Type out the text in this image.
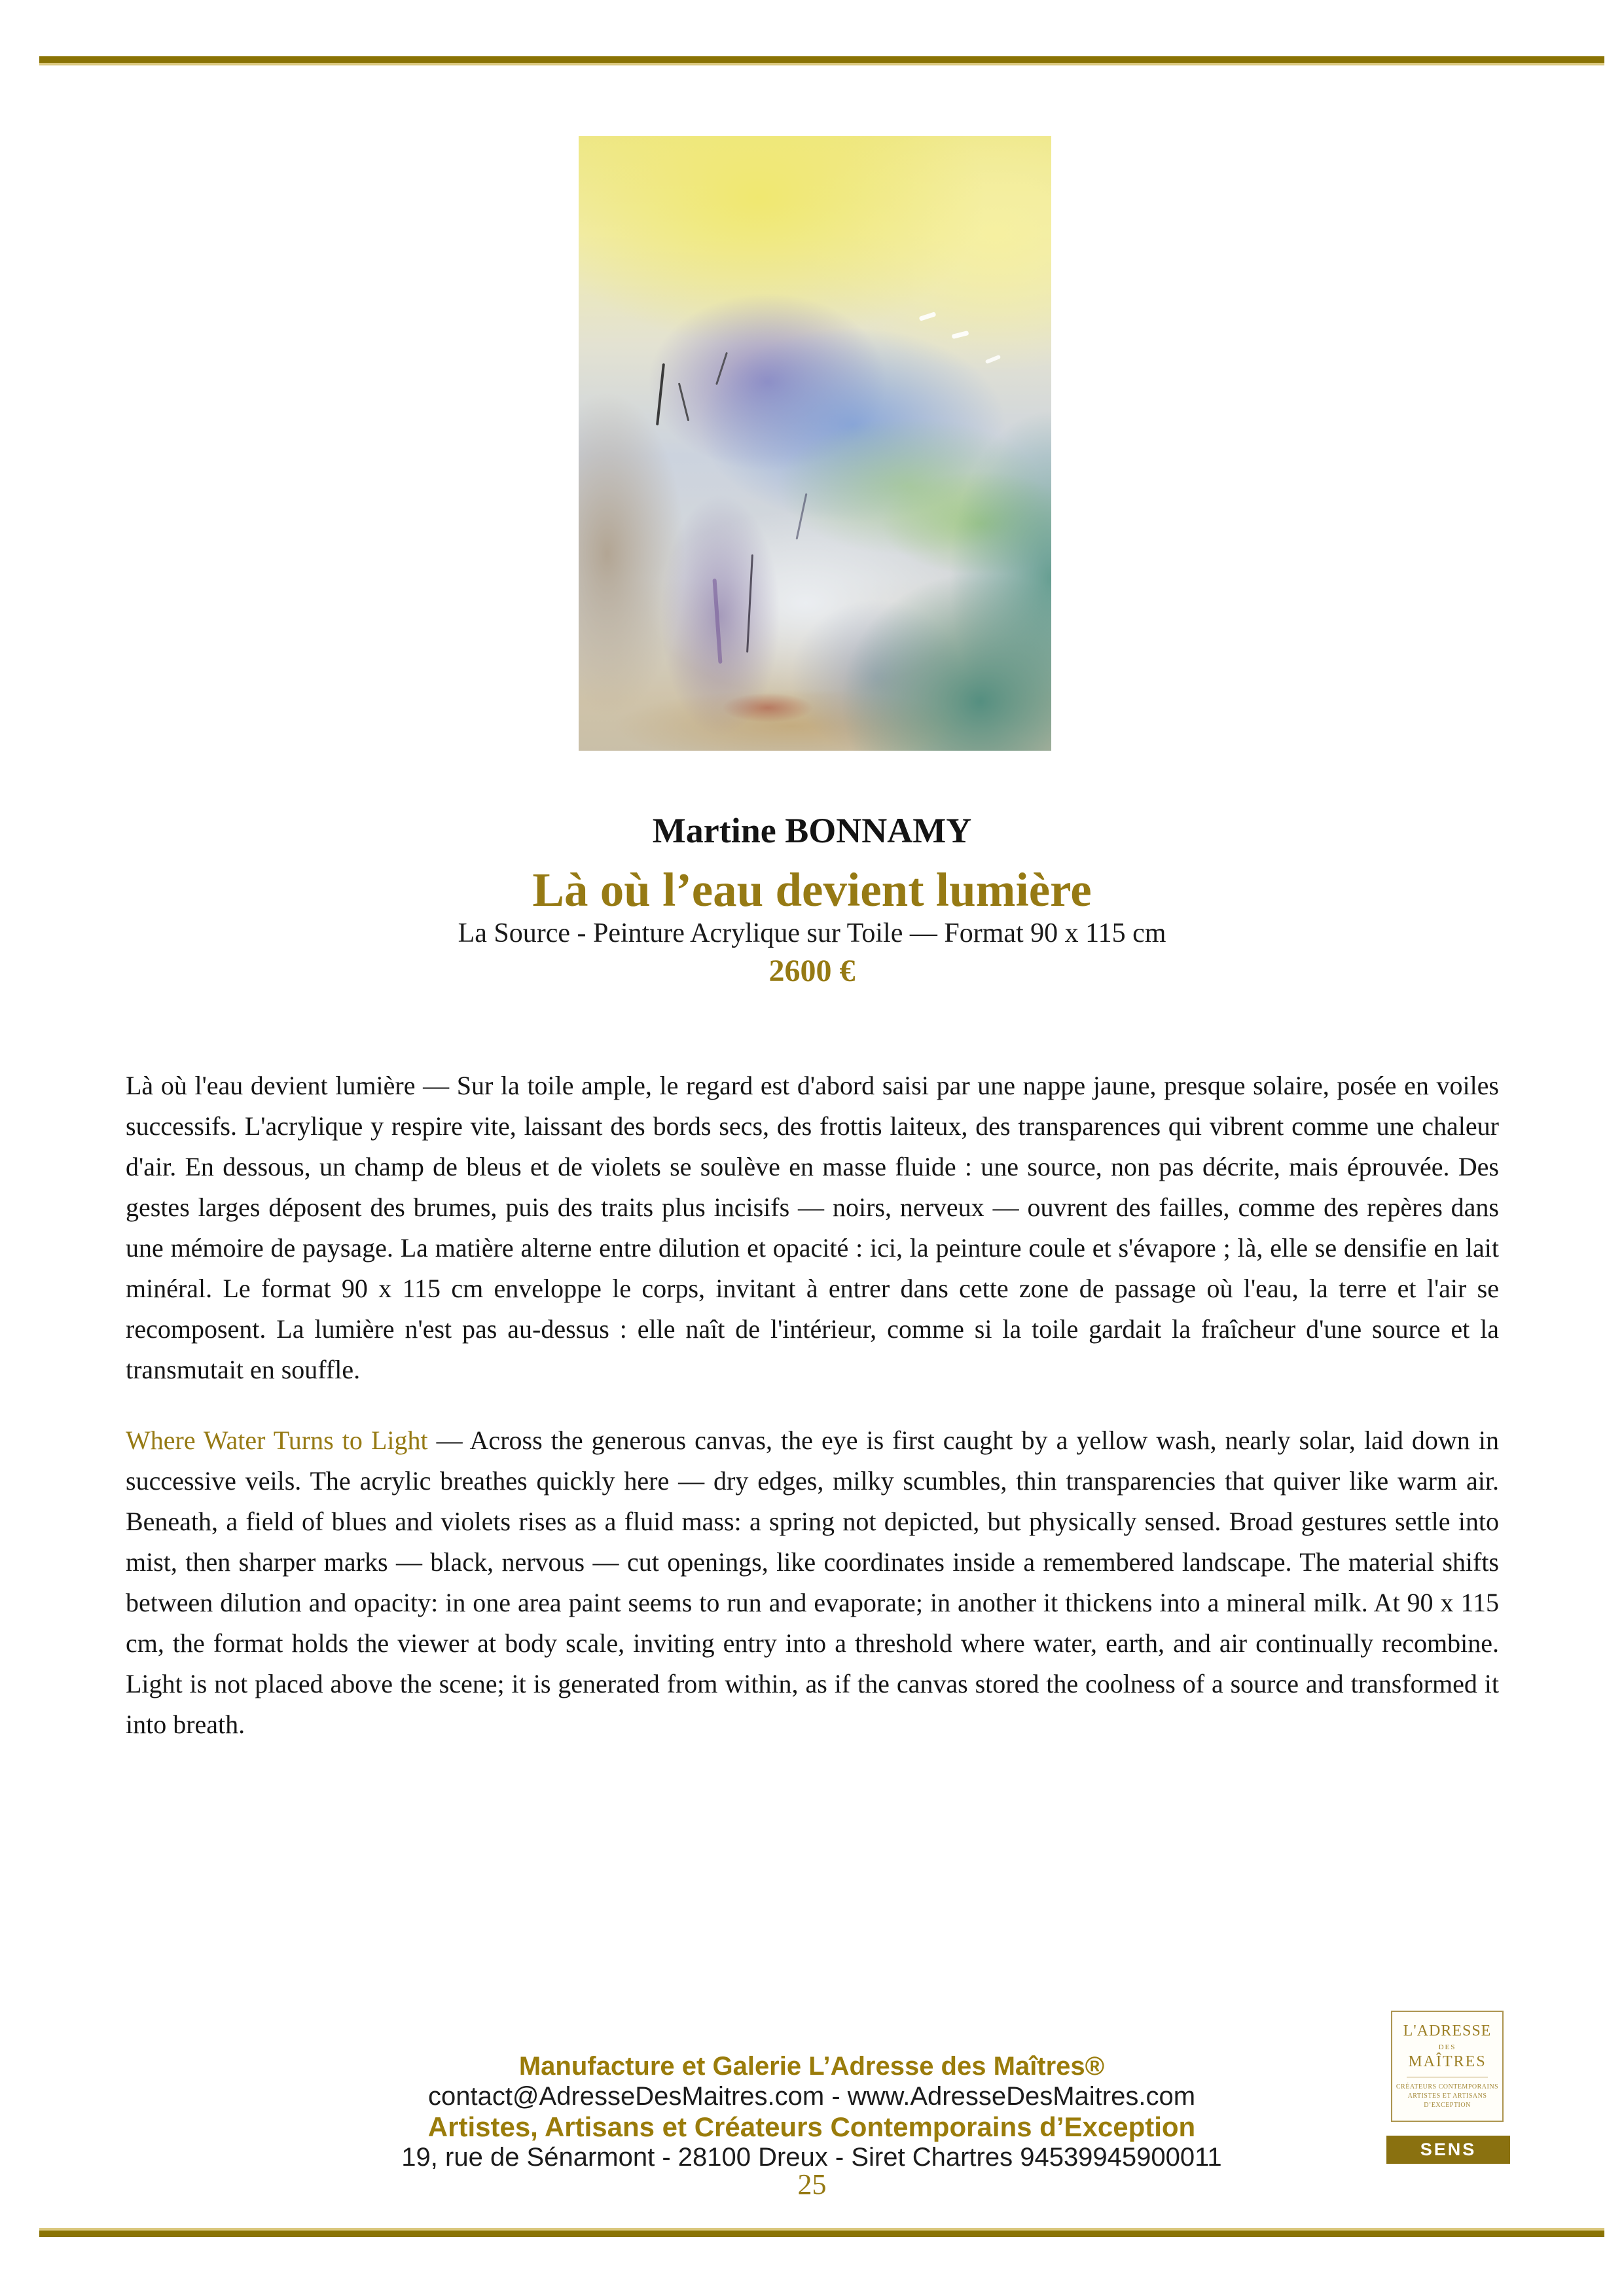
Martine BONNAMY
Là où l’eau devient lumière
La Source - Peinture Acrylique sur Toile — Format 90 x 115 cm
2600 €

Là où l'eau devient lumière — Sur la toile ample, le regard est d'abord saisi par une nappe jaune, presque solaire, posée en voiles successifs. L'acrylique y respire vite, laissant des bords secs, des frottis laiteux, des transparences qui vibrent comme une chaleur d'air. En dessous, un champ de bleus et de violets se soulève en masse fluide : une source, non pas décrite, mais éprouvée. Des gestes larges déposent des brumes, puis des traits plus incisifs — noirs, nerveux — ouvrent des failles, comme des repères dans une mémoire de paysage. La matière alterne entre dilution et opacité : ici, la peinture coule et s'évapore ; là, elle se densifie en lait minéral. Le format 90 x 115 cm enveloppe le corps, invitant à entrer dans cette zone de passage où l'eau, la terre et l'air se recomposent. La lumière n'est pas au-dessus : elle naît de l'intérieur, comme si la toile gardait la fraîcheur d'une source et la transmutait en souffle.

Where Water Turns to Light — Across the generous canvas, the eye is first caught by a yellow wash, nearly solar, laid down in successive veils. The acrylic breathes quickly here — dry edges, milky scumbles, thin transparencies that quiver like warm air. Beneath, a field of blues and violets rises as a fluid mass: a spring not depicted, but physically sensed. Broad gestures settle into mist, then sharper marks — black, nervous — cut openings, like coordinates inside a remembered landscape. The material shifts between dilution and opacity: in one area paint seems to run and evaporate; in another it thickens into a mineral milk. At 90 x 115 cm, the format holds the viewer at body scale, inviting entry into a threshold where water, earth, and air continually recombine. Light is not placed above the scene; it is generated from within, as if the canvas stored the coolness of a source and transformed it into breath.

Manufacture et Galerie L’Adresse des Maîtres®
contact@AdresseDesMaitres.com - www.AdresseDesMaitres.com
Artistes, Artisans et Créateurs Contemporains d’Exception
19, rue de Sénarmont - 28100 Dreux - Siret Chartres 94539945900011
25
L'ADRESSE
DES
MAÎTRES
CRÉATEURS CONTEMPORAINS
ARTISTES ET ARTISANS
D’EXCEPTION
SENS
